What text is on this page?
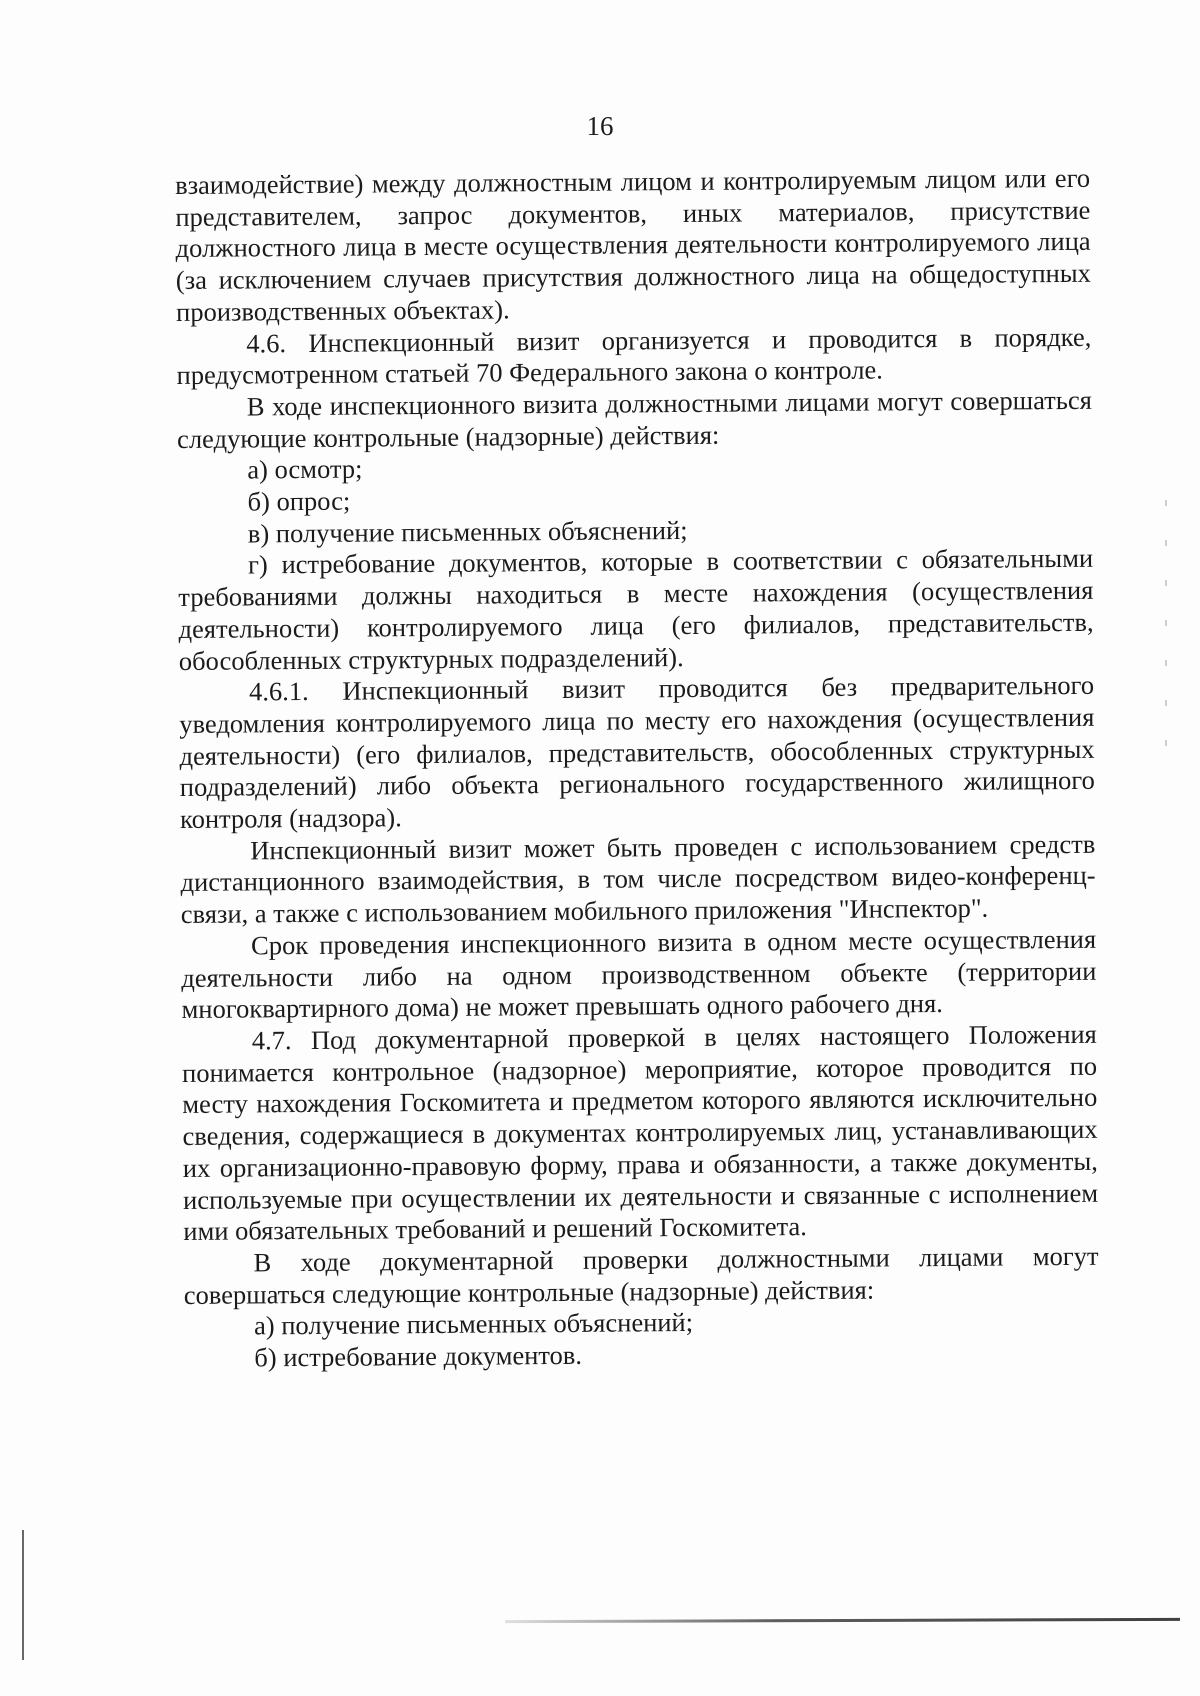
16

взаимодействие) между должностным лицом и контролируемым лицом или его представителем, запрос документов, иных материалов, присутствие должностного лица в месте осуществления деятельности контролируемого лица (за исключением случаев присутствия должностного лица на общедоступных производственных объектах).

4.6. Инспекционный визит организуется и проводится в порядке, предусмотренном статьей 70 Федерального закона о контроле.

В ходе инспекционного визита должностными лицами могут совершаться следующие контрольные (надзорные) действия:

а) осмотр;

б) опрос;

в) получение письменных объяснений;

г) истребование документов, которые в соответствии с обязательными требованиями должны находиться в месте нахождения (осуществления деятельности) контролируемого лица (его филиалов, представительств, обособленных структурных подразделений).

4.6.1. Инспекционный визит проводится без предварительного уведомления контролируемого лица по месту его нахождения (осуществления деятельности) (его филиалов, представительств, обособленных структурных подразделений) либо объекта регионального государственного жилищного контроля (надзора).

Инспекционный визит может быть проведен с использованием средств дистанционного взаимодействия, в том числе посредством видео-конференц-связи, а также с использованием мобильного приложения "Инспектор".

Срок проведения инспекционного визита в одном месте осуществления деятельности либо на одном производственном объекте (территории многоквартирного дома) не может превышать одного рабочего дня.

4.7. Под документарной проверкой в целях настоящего Положения понимается контрольное (надзорное) мероприятие, которое проводится по месту нахождения Госкомитета и предметом которого являются исключительно сведения, содержащиеся в документах контролируемых лиц, устанавливающих их организационно-правовую форму, права и обязанности, а также документы, используемые при осуществлении их деятельности и связанные с исполнением ими обязательных требований и решений Госкомитета.

В ходе документарной проверки должностными лицами могут совершаться следующие контрольные (надзорные) действия:

а) получение письменных объяснений;

б) истребование документов.
